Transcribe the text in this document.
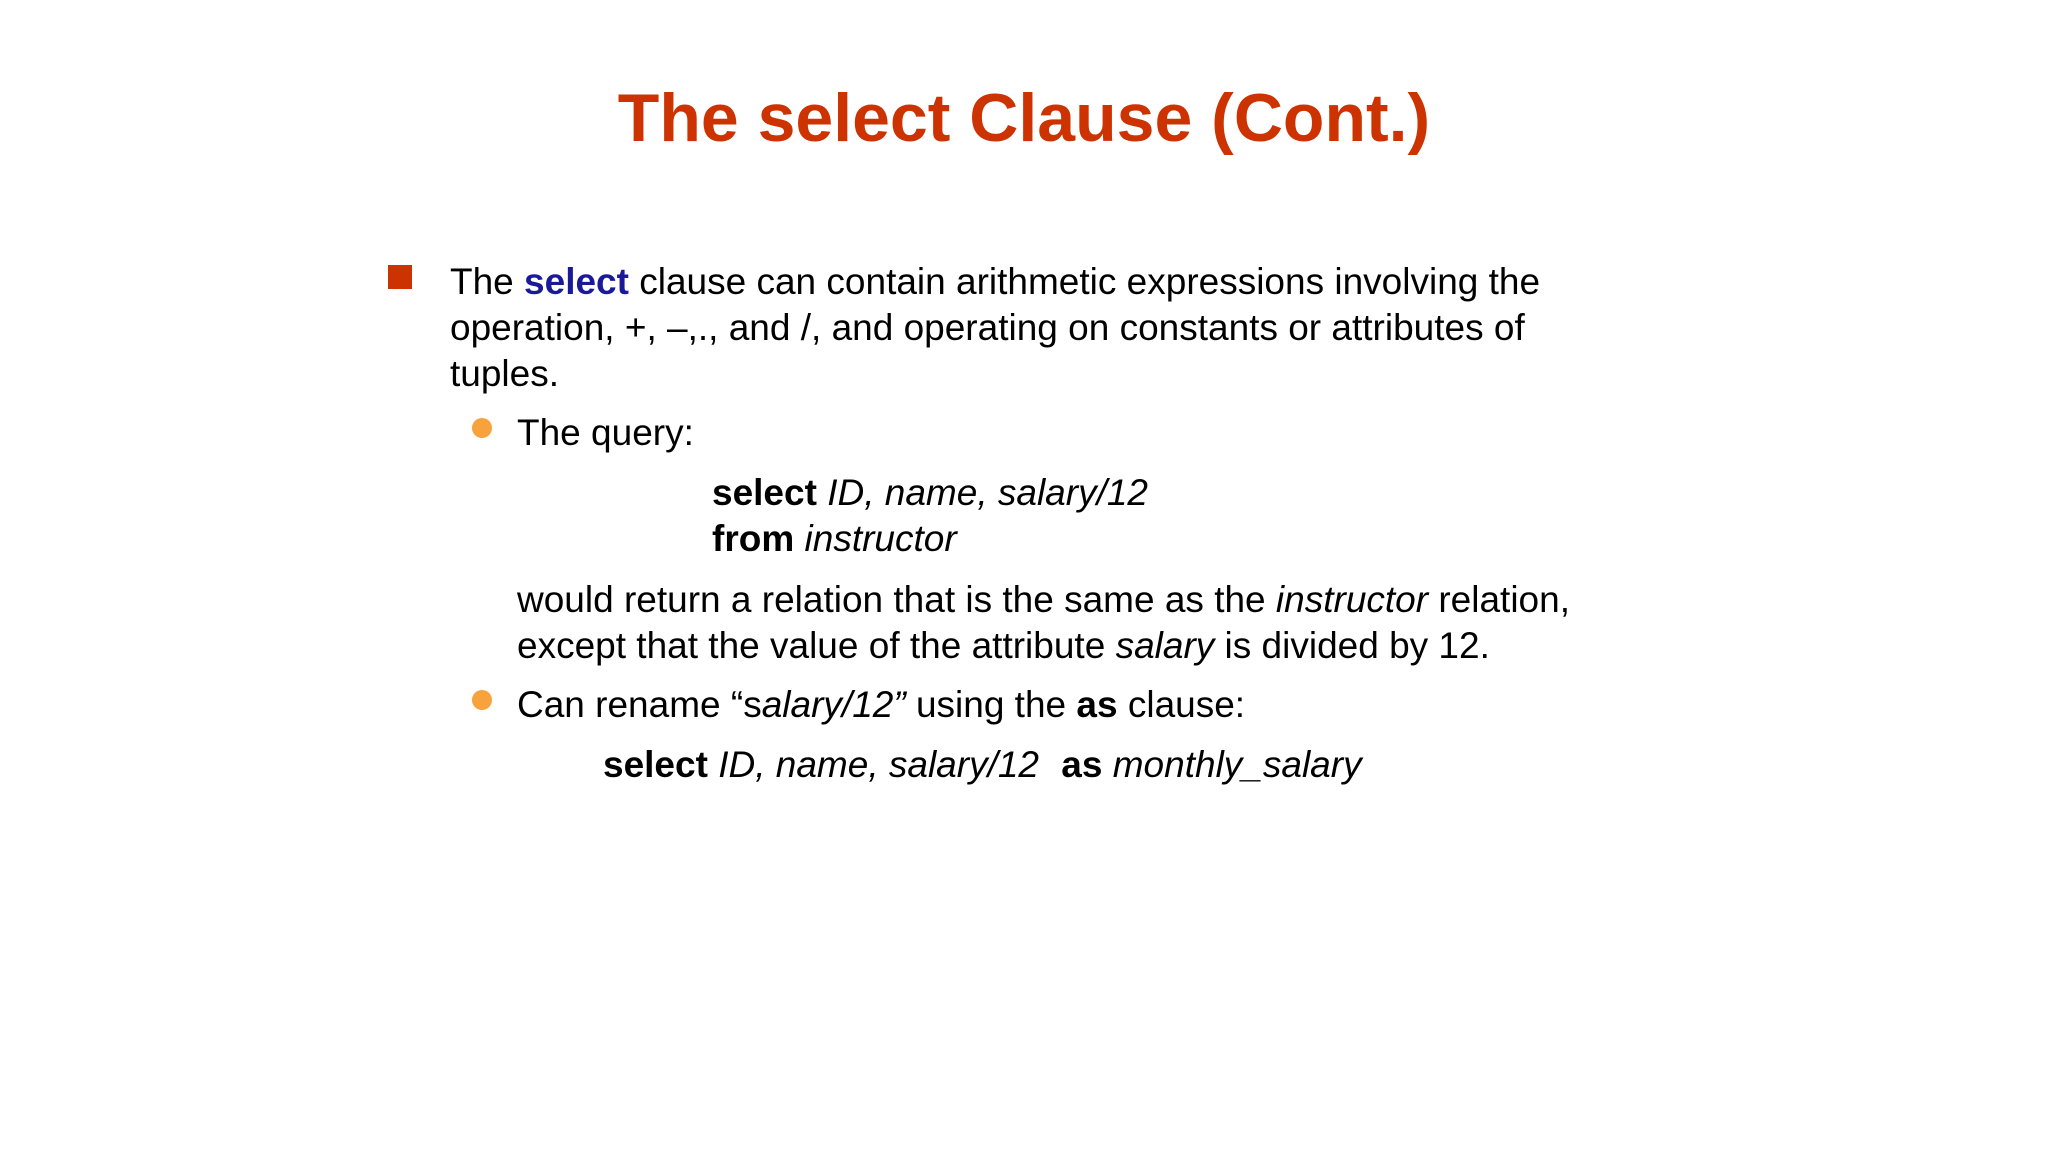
The select Clause (Cont.)
The select clause can contain arithmetic expressions involving the
operation, +, –,., and /, and operating on constants or attributes of
tuples.
The query:
select ID, name, salary/12
from instructor
would return a relation that is the same as the instructor relation,
except that the value of the attribute salary is divided by 12.
Can rename “salary/12” using the as clause:
select ID, name, salary/12 as monthly_salary
